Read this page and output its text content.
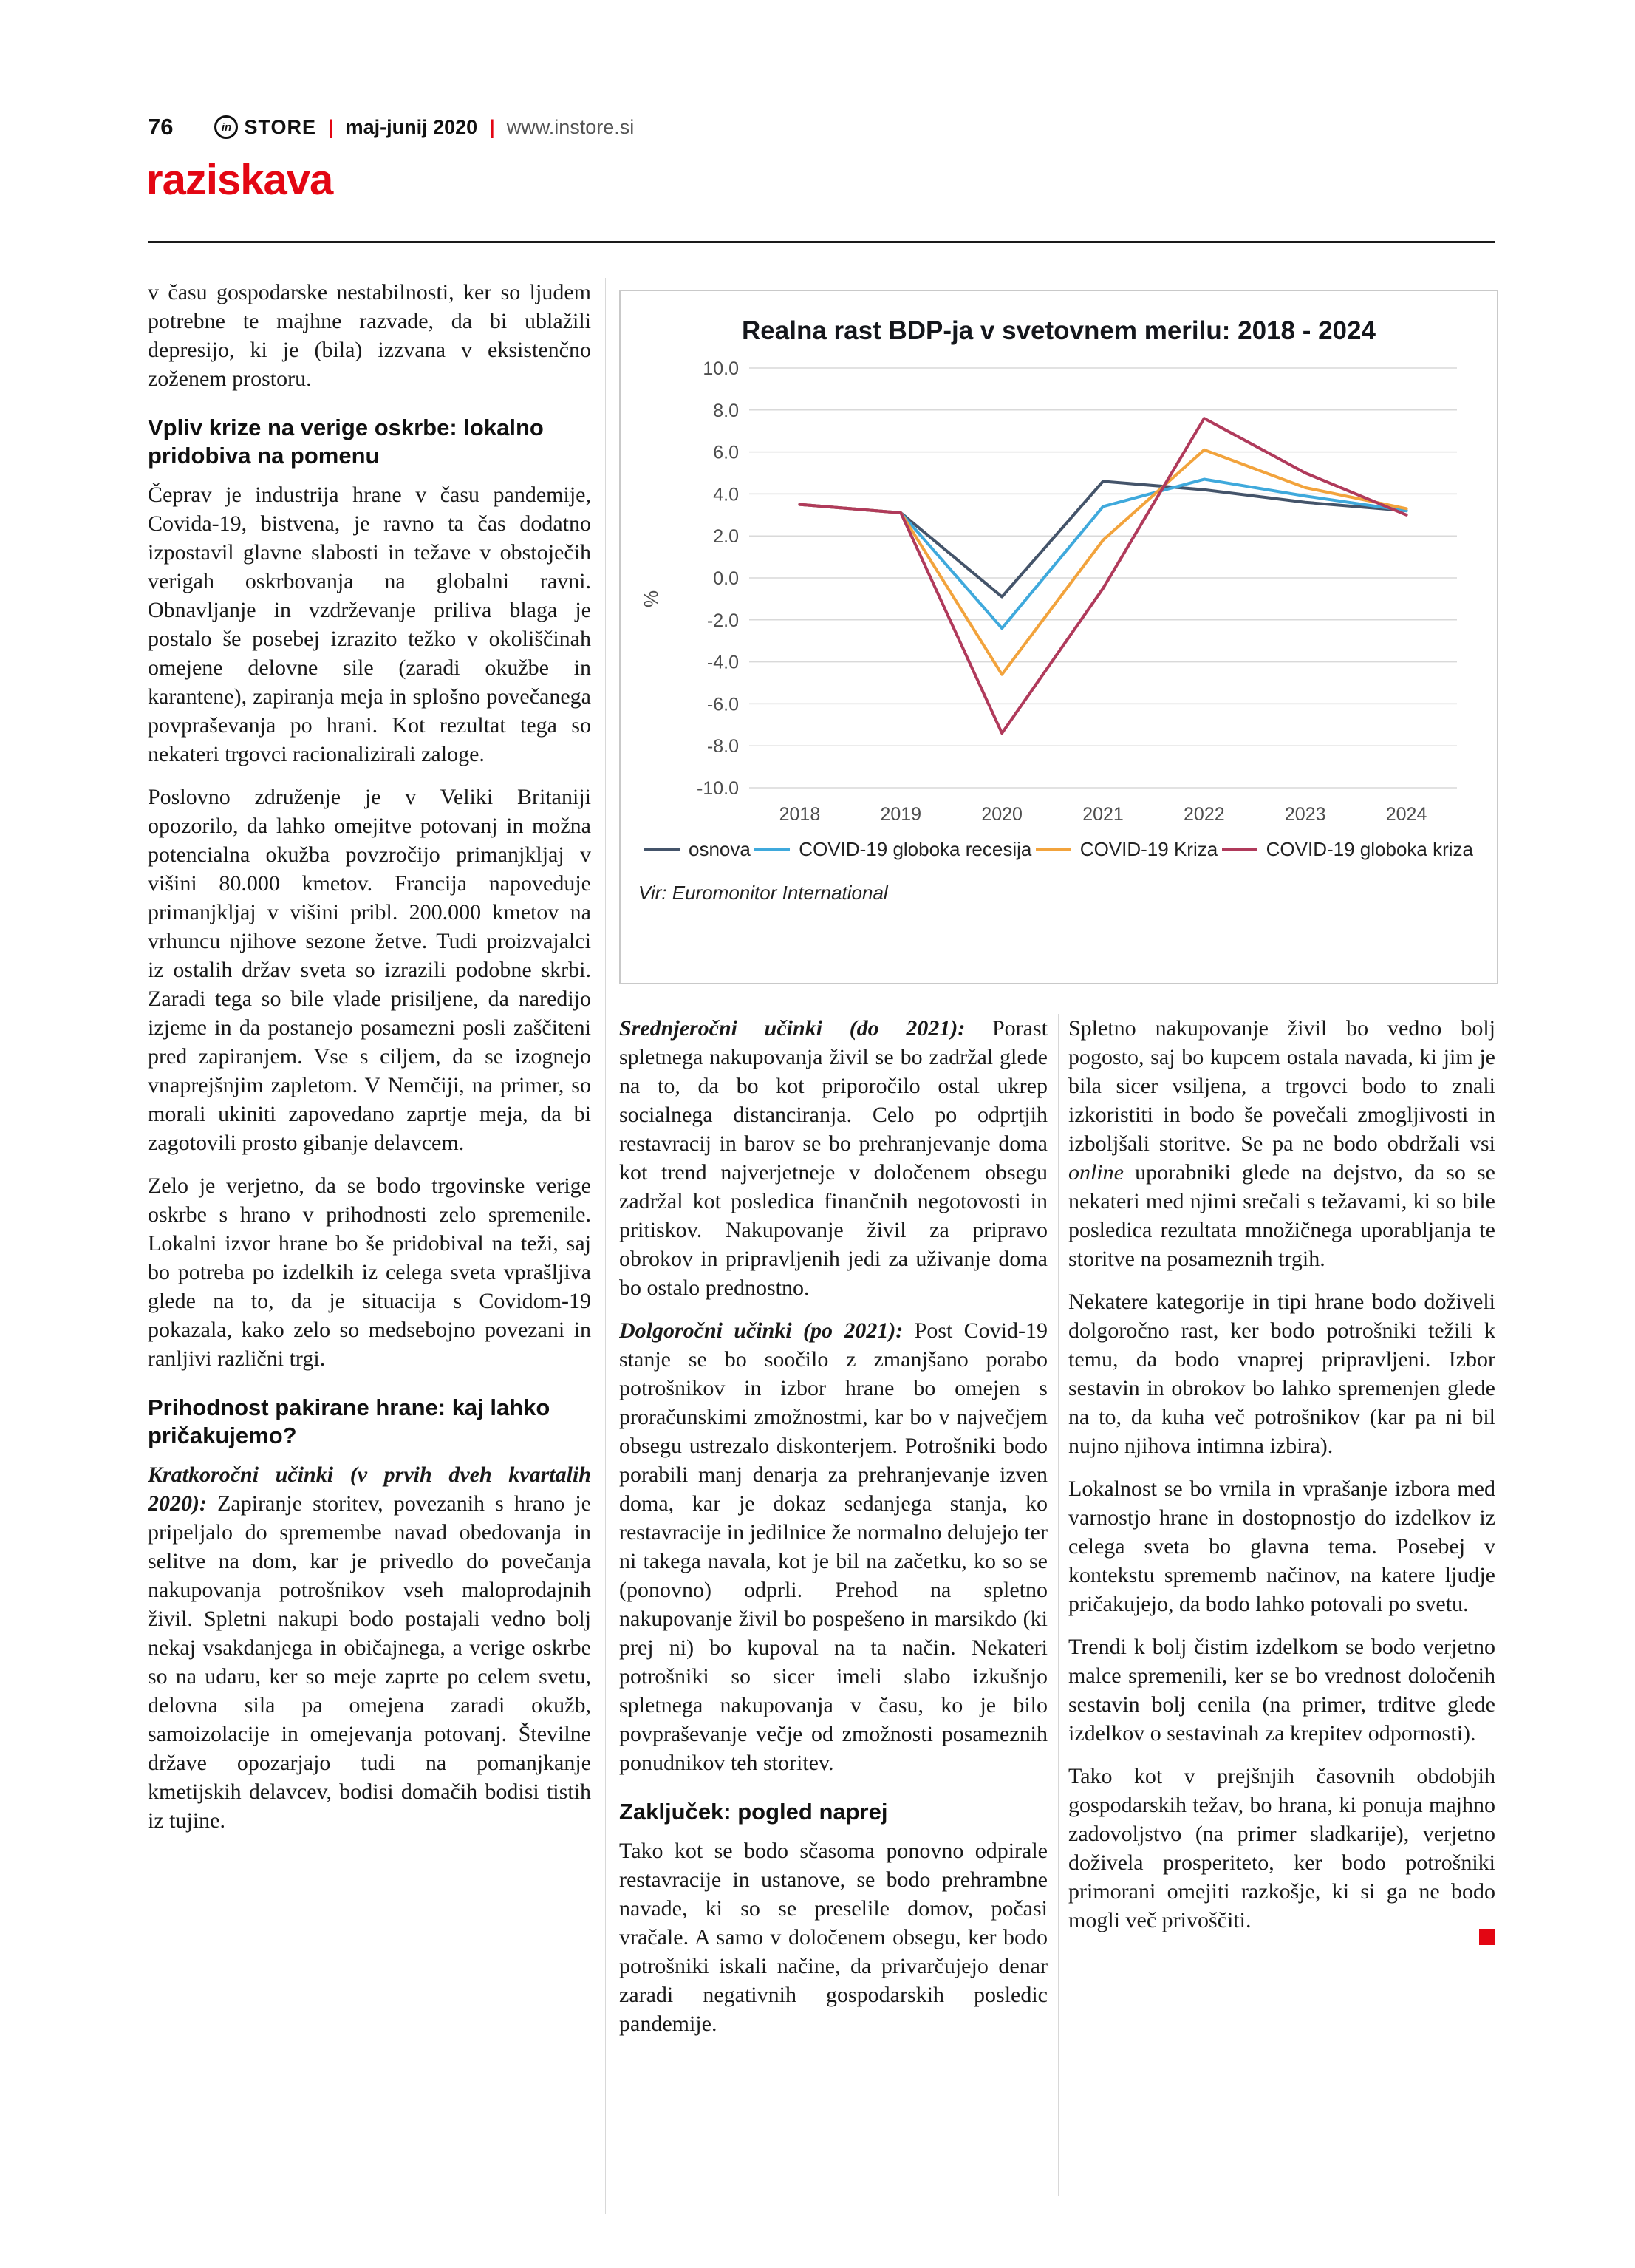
76	in STORE | maj-junij 2020 | www.instore.si
raziskava

v času gospodarske nestabilnosti, ker so ljudem potrebne te majhne razvade, da bi ublažili depresijo, ki je (bila) izzvana v eksistenčno zoženem prostoru.

Vpliv krize na verige oskrbe: lokalno pridobiva na pomenu

Čeprav je industrija hrane v času pandemije, Covida-19, bistvena, je ravno ta čas dodatno izpostavil glavne slabosti in težave v obstoječih verigah oskrbovanja na globalni ravni. Obnavljanje in vzdrževanje priliva blaga je postalo še posebej izrazito težko v okoliščinah omejene delovne sile (zaradi okužbe in karantene), zapiranja meja in splošno povečanega povpraševanja po hrani. Kot rezultat tega so nekateri trgovci racionalizirali zaloge.

Poslovno združenje je v Veliki Britaniji opozorilo, da lahko omejitve potovanj in možna potencialna okužba povzročijo primanjkljaj v višini 80.000 kmetov. Francija napoveduje primanjkljaj v višini pribl. 200.000 kmetov na vrhuncu njihove sezone žetve. Tudi proizvajalci iz ostalih držav sveta so izrazili podobne skrbi. Zaradi tega so bile vlade prisiljene, da naredijo izjeme in da postanejo posamezni posli zaščiteni pred zapiranjem. Vse s ciljem, da se izognejo vnaprejšnjim zapletom. V Nemčiji, na primer, so morali ukiniti zapovedano zaprtje meja, da bi zagotovili prosto gibanje delavcem.

Zelo je verjetno, da se bodo trgovinske verige oskrbe s hrano v prihodnosti zelo spremenile. Lokalni izvor hrane bo še pridobival na teži, saj bo potreba po izdelkih iz celega sveta vprašljiva glede na to, da je situacija s Covidom-19 pokazala, kako zelo so medsebojno povezani in ranljivi različni trgi.

Prihodnost pakirane hrane: kaj lahko pričakujemo?

Kratkoročni učinki (v prvih dveh kvartalih 2020): Zapiranje storitev, povezanih s hrano je pripeljalo do spremembe navad obedovanja in selitve na dom, kar je privedlo do povečanja nakupovanja potrošnikov vseh maloprodajnih živil. Spletni nakupi bodo postajali vedno bolj nekaj vsakdanjega in običajnega, a verige oskrbe so na udaru, ker so meje zaprte po celem svetu, delovna sila pa omejena zaradi okužb, samoizolacije in omejevanja potovanj. Številne države opozarjajo tudi na pomanjkanje kmetijskih delavcev, bodisi domačih bodisi tistih iz tujine.

Realna rast BDP-ja v svetovnem merilu: 2018 - 2024
10.0
8.0
6.0
4.0
2.0
0.0
-2.0
-4.0
-6.0
-8.0
-10.0
2018	2019	2020	2021	2022	2023	2024
%
osnova	COVID-19 globoka recesija	COVID-19 Kriza	COVID-19 globoka kriza
Vir: Euromonitor International

Srednjeročni učinki (do 2021): Porast spletnega nakupovanja živil se bo zadržal glede na to, da bo kot priporočilo ostal ukrep socialnega distanciranja. Celo po odprtjih restavracij in barov se bo prehranjevanje doma kot trend najverjetneje v določenem obsegu zadržal kot posledica finančnih negotovosti in pritiskov. Nakupovanje živil za pripravo obrokov in pripravljenih jedi za uživanje doma bo ostalo prednostno.

Dolgoročni učinki (po 2021): Post Covid-19 stanje se bo soočilo z zmanjšano porabo potrošnikov in izbor hrane bo omejen s proračunskimi zmožnostmi, kar bo v največjem obsegu ustrezalo diskonterjem. Potrošniki bodo porabili manj denarja za prehranjevanje izven doma, kar je dokaz sedanjega stanja, ko restavracije in jedilnice že normalno delujejo ter ni takega navala, kot je bil na začetku, ko so se (ponovno) odprli. Prehod na spletno nakupovanje živil bo pospešeno in marsikdo (ki prej ni) bo kupoval na ta način. Nekateri potrošniki so sicer imeli slabo izkušnjo spletnega nakupovanja v času, ko je bilo povpraševanje večje od zmožnosti posameznih ponudnikov teh storitev.

Zaključek: pogled naprej

Tako kot se bodo sčasoma ponovno odpirale restavracije in ustanove, se bodo prehrambne navade, ki so se preselile domov, počasi vračale. A samo v določenem obsegu, ker bodo potrošniki iskali načine, da privarčujejo denar zaradi negativnih gospodarskih posledic pandemije.

Spletno nakupovanje živil bo vedno bolj pogosto, saj bo kupcem ostala navada, ki jim je bila sicer vsiljena, a trgovci bodo to znali izkoristiti in bodo še povečali zmogljivosti in izboljšali storitve. Se pa ne bodo obdržali vsi online uporabniki glede na dejstvo, da so se nekateri med njimi srečali s težavami, ki so bile posledica rezultata množičnega uporabljanja te storitve na posameznih trgih.

Nekatere kategorije in tipi hrane bodo doživeli dolgoročno rast, ker bodo potrošniki težili k temu, da bodo vnaprej pripravljeni. Izbor sestavin in obrokov bo lahko spremenjen glede na to, da kuha več potrošnikov (kar pa ni bil nujno njihova intimna izbira).

Lokalnost se bo vrnila in vprašanje izbora med varnostjo hrane in dostopnostjo do izdelkov iz celega sveta bo glavna tema. Posebej v kontekstu sprememb načinov, na katere ljudje pričakujejo, da bodo lahko potovali po svetu.

Trendi k bolj čistim izdelkom se bodo verjetno malce spremenili, ker se bo vrednost določenih sestavin bolj cenila (na primer, trditve glede izdelkov o sestavinah za krepitev odpornosti).

Tako kot v prejšnjih časovnih obdobjih gospodarskih težav, bo hrana, ki ponuja majhno zadovoljstvo (na primer sladkarije), verjetno doživela prosperiteto, ker bodo potrošniki primorani omejiti razkošje, ki si ga ne bodo mogli več privoščiti.
